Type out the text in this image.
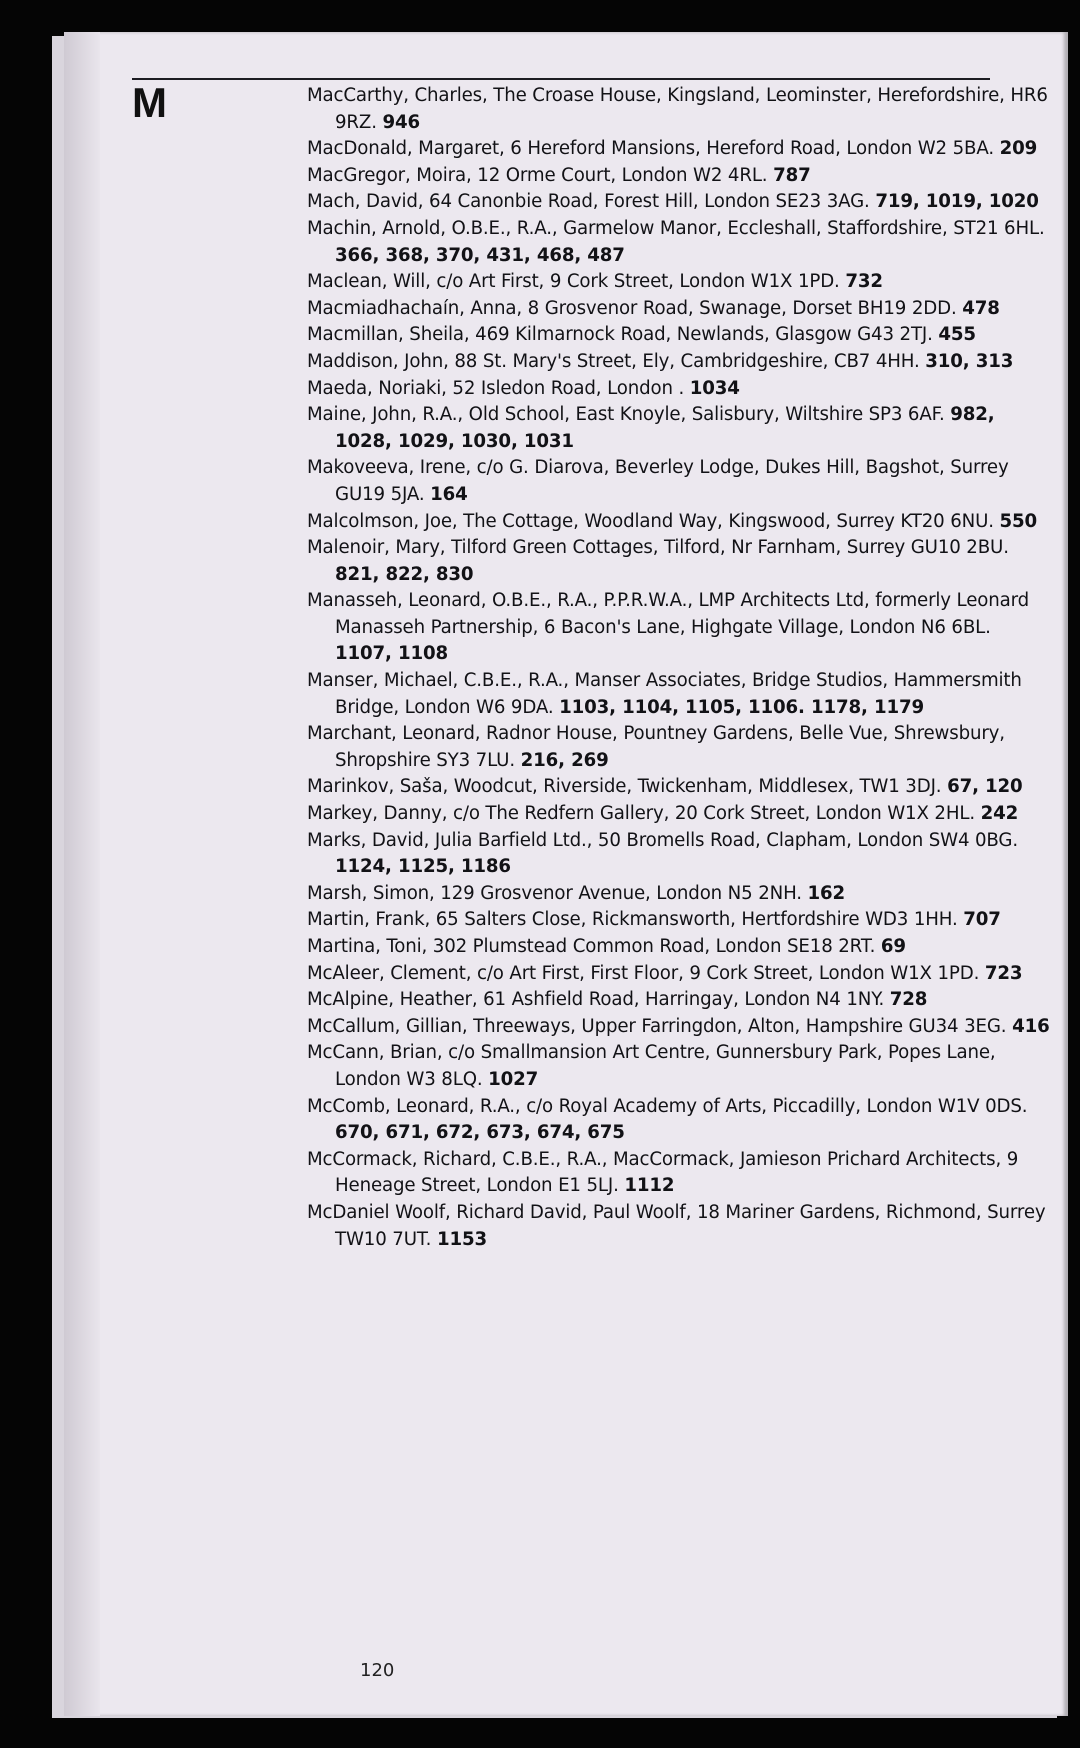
M	MacCarthy, Charles, The Croase House, Kingsland, Leominster, Herefordshire, HR6 9RZ. 946

MacDonald, Margaret, 6 Hereford Mansions, Hereford Road, London W2 5BA. 209

MacGregor, Moira, 12 Orme Court, London W2 4RL. 787

Mach, David, 64 Canonbie Road, Forest Hill, London SE23 3AG. 719, 1019, 1020

Machin, Arnold, O.B.E., R.A., Garmelow Manor, Eccleshall, Staffordshire, ST21 6HL. 366, 368, 370, 431, 468, 487

Maclean, Will, c/o Art First, 9 Cork Street, London W1X 1PD. 732

Macmiadhachaín, Anna, 8 Grosvenor Road, Swanage, Dorset BH19 2DD. 478

Macmillan, Sheila, 469 Kilmarnock Road, Newlands, Glasgow G43 2TJ. 455

Maddison, John, 88 St. Mary's Street, Ely, Cambridgeshire, CB7 4HH. 310, 313

Maeda, Noriaki, 52 Isledon Road, London . 1034

Maine, John, R.A., Old School, East Knoyle, Salisbury, Wiltshire SP3 6AF. 982, 1028, 1029, 1030, 1031

Makoveeva, Irene, c/o G. Diarova, Beverley Lodge, Dukes Hill, Bagshot, Surrey GU19 5JA. 164

Malcolmson, Joe, The Cottage, Woodland Way, Kingswood, Surrey KT20 6NU. 550

Malenoir, Mary, Tilford Green Cottages, Tilford, Nr Farnham, Surrey GU10 2BU. 821, 822, 830

Manasseh, Leonard, O.B.E., R.A., P.P.R.W.A., LMP Architects Ltd, formerly Leonard Manasseh Partnership, 6 Bacon's Lane, Highgate Village, London N6 6BL. 1107, 1108

Manser, Michael, C.B.E., R.A., Manser Associates, Bridge Studios, Hammersmith Bridge, London W6 9DA. 1103, 1104, 1105, 1106. 1178, 1179

Marchant, Leonard, Radnor House, Pountney Gardens, Belle Vue, Shrewsbury, Shropshire SY3 7LU. 216, 269

Marinkov, Saša, Woodcut, Riverside, Twickenham, Middlesex, TW1 3DJ. 67, 120

Markey, Danny, c/o The Redfern Gallery, 20 Cork Street, London W1X 2HL. 242

Marks, David, Julia Barfield Ltd., 50 Bromells Road, Clapham, London SW4 0BG. 1124, 1125, 1186

Marsh, Simon, 129 Grosvenor Avenue, London N5 2NH. 162

Martin, Frank, 65 Salters Close, Rickmansworth, Hertfordshire WD3 1HH. 707

Martina, Toni, 302 Plumstead Common Road, London SE18 2RT. 69

McAleer, Clement, c/o Art First, First Floor, 9 Cork Street, London W1X 1PD. 723

McAlpine, Heather, 61 Ashfield Road, Harringay, London N4 1NY. 728

McCallum, Gillian, Threeways, Upper Farringdon, Alton, Hampshire GU34 3EG. 416

McCann, Brian, c/o Smallmansion Art Centre, Gunnersbury Park, Popes Lane, London W3 8LQ. 1027

McComb, Leonard, R.A., c/o Royal Academy of Arts, Piccadilly, London W1V 0DS. 670, 671, 672, 673, 674, 675

McCormack, Richard, C.B.E., R.A., MacCormack, Jamieson Prichard Architects, 9 Heneage Street, London E1 5LJ. 1112

McDaniel Woolf, Richard David, Paul Woolf, 18 Mariner Gardens, Richmond, Surrey TW10 7UT. 1153

120
